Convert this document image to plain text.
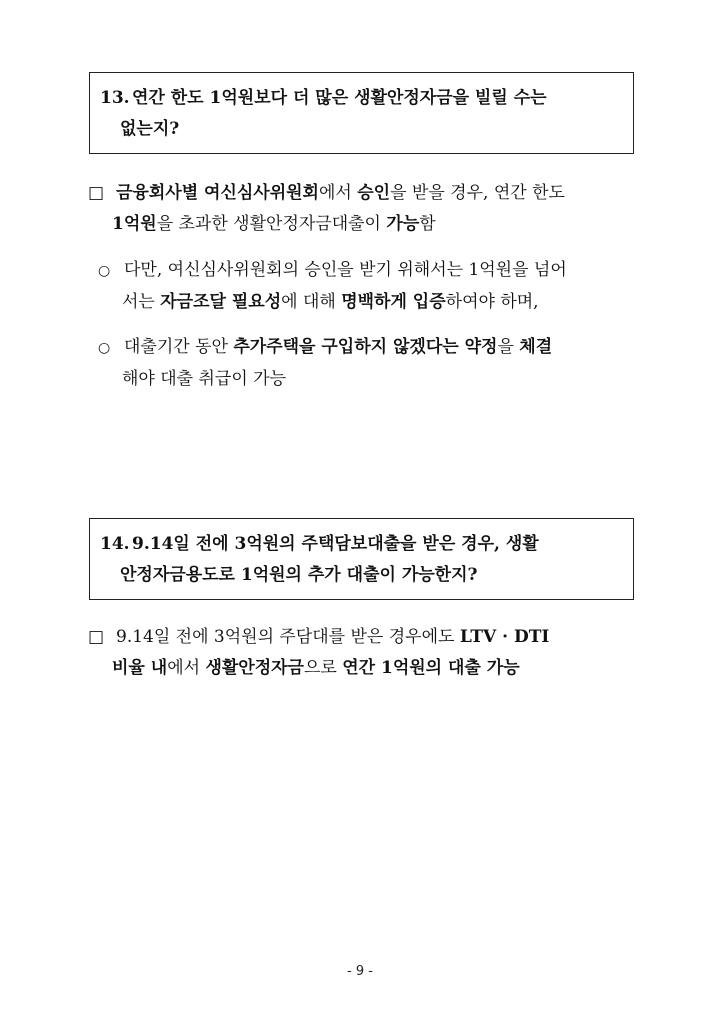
13. 연간 한도 1억원보다 더 많은 생활안정자금을 빌릴 수는
없는지?
□ 금융회사별 여신심사위원회에서 승인을 받을 경우, 연간 한도
1억원을 초과한 생활안정자금대출이 가능함
○ 다만, 여신심사위원회의 승인을 받기 위해서는 1억원을 넘어
서는 자금조달 필요성에 대해 명백하게 입증하여야 하며,
○ 대출기간 동안 추가주택을 구입하지 않겠다는 약정을 체결
해야 대출 취급이 가능
14. 9.14일 전에 3억원의 주택담보대출을 받은 경우, 생활
안정자금용도로 1억원의 추가 대출이 가능한지?
□ 9.14일 전에 3억원의 주담대를 받은 경우에도 LTV · DTI
비율 내에서 생활안정자금으로 연간 1억원의 대출 가능
- 9 -
